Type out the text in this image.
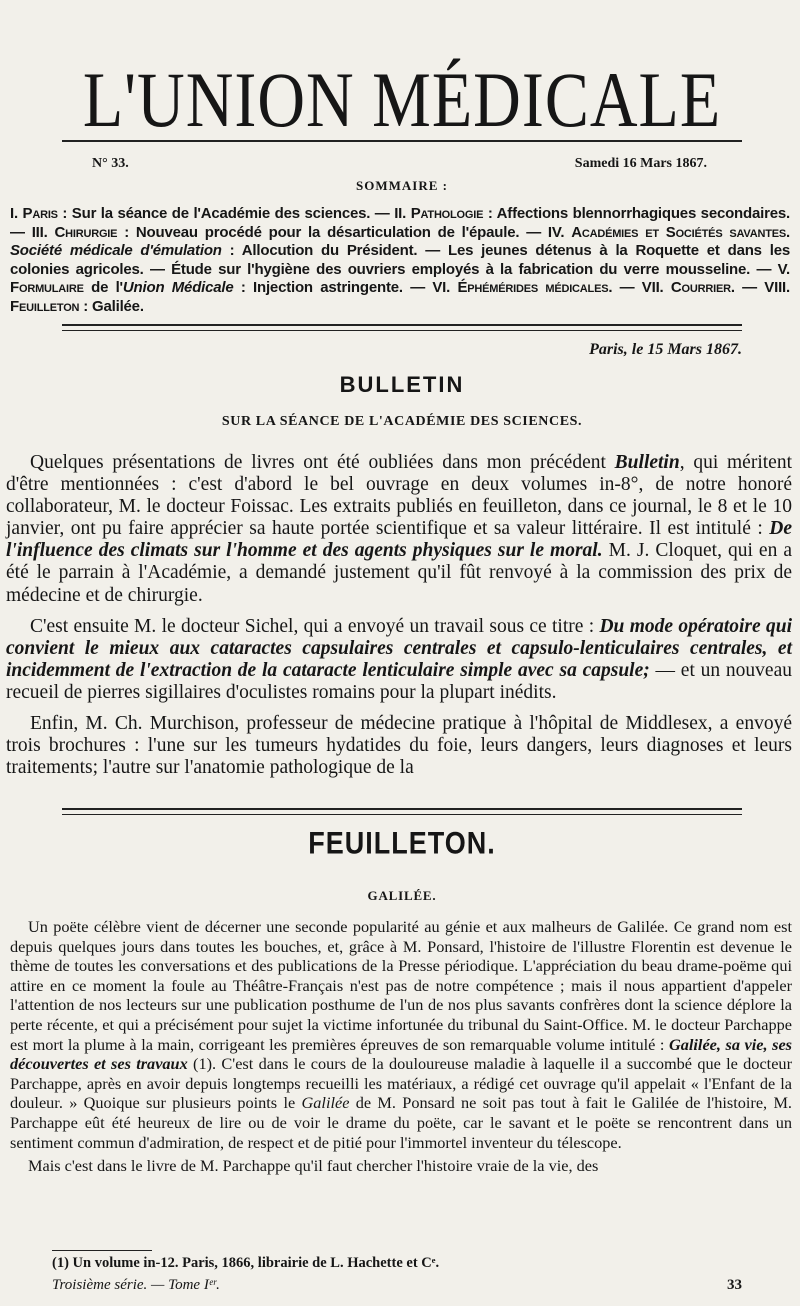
L'UNION MÉDICALE
N° 33.	Samedi 16 Mars 1867.
SOMMAIRE :

I. Paris : Sur la séance de l'Académie des sciences. — II. Pathologie : Affections blennorrhagiques secondaires. — III. Chirurgie : Nouveau procédé pour la désarticulation de l'épaule. — IV. Académies et Sociétés savantes. Société médicale d'émulation : Allocution du Président. — Les jeunes détenus à la Roquette et dans les colonies agricoles. — Étude sur l'hygiène des ouvriers employés à la fabrication du verre mousseline. — V. Formulaire de l'Union Médicale : Injection astringente. — VI. Éphémérides médicales. — VII. Courrier. — VIII. Feuilleton : Galilée.

Paris, le 15 Mars 1867.
BULLETIN
SUR LA SÉANCE DE L'ACADÉMIE DES SCIENCES.

Quelques présentations de livres ont été oubliées dans mon précédent Bulletin, qui méritent d'être mentionnées : c'est d'abord le bel ouvrage en deux volumes in-8°, de notre honoré collaborateur, M. le docteur Foissac. Les extraits publiés en feuilleton, dans ce journal, le 8 et le 10 janvier, ont pu faire apprécier sa haute portée scientifique et sa valeur littéraire. Il est intitulé : De l'influence des climats sur l'homme et des agents physiques sur le moral. M. J. Cloquet, qui en a été le parrain à l'Académie, a demandé justement qu'il fût renvoyé à la commission des prix de médecine et de chirurgie.

C'est ensuite M. le docteur Sichel, qui a envoyé un travail sous ce titre : Du mode opératoire qui convient le mieux aux cataractes capsulaires centrales et capsulo-lenticulaires centrales, et incidemment de l'extraction de la cataracte lenticulaire simple avec sa capsule; — et un nouveau recueil de pierres sigillaires d'oculistes romains pour la plupart inédits.

Enfin, M. Ch. Murchison, professeur de médecine pratique à l'hôpital de Middlesex, a envoyé trois brochures : l'une sur les tumeurs hydatides du foie, leurs dangers, leurs diagnoses et leurs traitements; l'autre sur l'anatomie pathologique de la

FEUILLETON.
GALILÉE.

Un poëte célèbre vient de décerner une seconde popularité au génie et aux malheurs de Galilée. Ce grand nom est depuis quelques jours dans toutes les bouches, et, grâce à M. Ponsard, l'histoire de l'illustre Florentin est devenue le thème de toutes les conversations et des publications de la Presse périodique. L'appréciation du beau drame-poëme qui attire en ce moment la foule au Théâtre-Français n'est pas de notre compétence ; mais il nous appartient d'appeler l'attention de nos lecteurs sur une publication posthume de l'un de nos plus savants confrères dont la science déplore la perte récente, et qui a précisément pour sujet la victime infortunée du tribunal du Saint-Office. M. le docteur Parchappe est mort la plume à la main, corrigeant les premières épreuves de son remarquable volume intitulé : Galilée, sa vie, ses découvertes et ses travaux (1). C'est dans le cours de la douloureuse maladie à laquelle il a succombé que le docteur Parchappe, après en avoir depuis longtemps recueilli les matériaux, a rédigé cet ouvrage qu'il appelait « l'Enfant de la douleur. » Quoique sur plusieurs points le Galilée de M. Ponsard ne soit pas tout à fait le Galilée de l'histoire, M. Parchappe eût été heureux de lire ou de voir le drame du poëte, car le savant et le poëte se rencontrent dans un sentiment commun d'admiration, de respect et de pitié pour l'immortel inventeur du télescope.

Mais c'est dans le livre de M. Parchappe qu'il faut chercher l'histoire vraie de la vie, des

(1) Un volume in-12. Paris, 1866, librairie de L. Hachette et Cᵉ.
Troisième série. — Tome Iᵉʳ.	33
